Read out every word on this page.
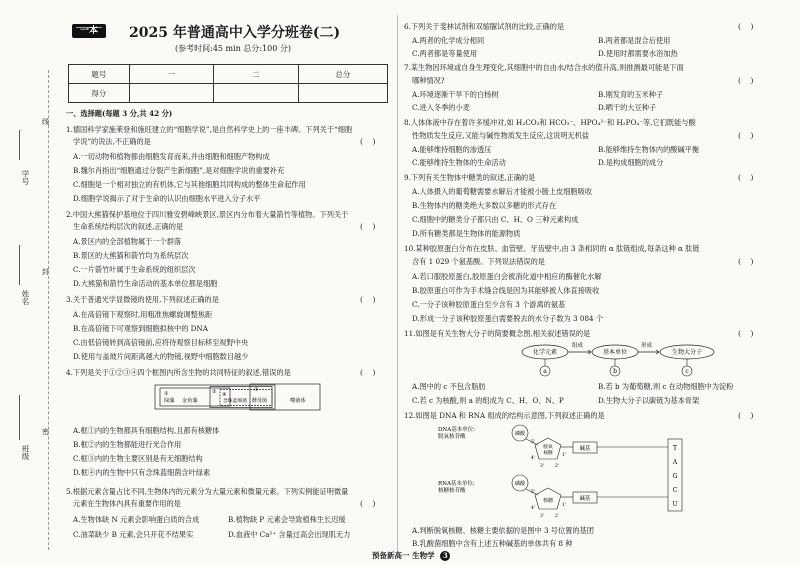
一本	2025 年普通高中入学分班卷(二)
(参考时间:45 min 总分:100 分)
题号	一	二	总分
得分			
学号
姓名
班级
线
封
密
一、选择题(每题 3 分,共 42 分)
1.德国科学家施莱登和施旺建立的“细胞学说”,是自然科学史上的一座丰碑。下列关于“细胞
学说”的说法,不正确的是	(    )
A.一切动物和植物都由细胞发育而来,并由细胞和细胞产物构成
B.魏尔肖指出“细胞通过分裂产生新细胞”,是对细胞学说的重要补充
C.细胞是一个相对独立的有机体,它与其他细胞共同构成的整体生命起作用
D.细胞学说揭示了对于生命的认识由细胞水平进入分子水平
2.中国大熊猫保护基地位于四川雅安碧峰峡景区,景区内分布着大量箭竹等植物。下列关于
生命系统结构层次的叙述,正确的是	(    )
A.景区内的全部植物属于一个群落
B.景区的大熊猫和箭竹均为系统层次
C.一片箭竹叶属于生命系统的组织层次
D.大熊猫和箭竹生命活动的基本单位都是细胞
3.关于普通光学显微镜的使用,下列叙述正确的是	(    )
A.在高倍镜下观察时,用粗准焦螺旋调整焦距
B.在高倍镜下可观察到细胞拟核中的 DNA
C.由低倍镜转到高倍镜前,应将待观察目标移至视野中央
D.使用与盖玻片间距离越大的物镜,视野中细胞数目越少
4.下列是关于①②③④四个框图内所含生物的共同特征的叙述,错误的是	(    )
①	②	③
④
绿藻 金鱼藻	念珠蓝细菌 酵母菌	噬菌体
A.框①内的生物都具有细胞结构,且都有核糖体
B.框②内的生物都能进行光合作用
C.框③内的生物主要区别是有无细胞结构
D.框④内的生物中只有念珠蓝细菌含叶绿素
5.根据元素含量占比不同,生物体内的元素分为大量元素和微量元素。下列实例能证明微量
元素在生物体内具有重要作用的是	(    )
A.生物体缺 N 元素会影响蛋白质的合成	B.植物缺 P 元素会导致植株生长迟缓
C.油菜缺少 B 元素,会只开花不结果实	D.血液中 Ca²⁺ 含量过高会出现肌无力
6.下列关于斐林试剂和双缩脲试剂的比较,正确的是	(    )
A.两者的化学成分相同	B.两者都是混合后使用
C.两者都是等量使用	D.使用时都需要水浴加热
7.某生物因环境或自身生理变化,其细胞中的自由水/结合水的值升高,则推测最可能是下面
哪种情况?	(    )
A.环境逐渐干旱下的白杨树	B.刚发育的玉米种子
C.进入冬季的小麦	D.晒干的大豆种子
8.人体体液中存在着许多缓冲对,如 H₂CO₃和 HCO₃⁻、HPO₄²⁻和 H₂PO₄⁻等,它们既能与酸
性物质发生反应,又能与碱性物质发生反应,这说明无机盐	(    )
A.能够维持细胞的渗透压	B.能够维持生物体内的酸碱平衡
C.能够维持生物体的生命活动	D.是构成细胞的成分
9.下列有关生物体中糖类的叙述,正确的是	(    )
A.人体摄入的葡萄糖需要水解后才能被小肠上皮细胞吸收
B.生物体内的糖类绝大多数以多糖的形式存在
C.细胞中的糖类分子都只由 C、H、O 三种元素构成
D.所有糖类都是生物体的能源物质
10.某种胶原蛋白分布在皮肤、血管壁、牙齿壁中,由 3 条相同的 α 肽链组成,每条这种 α 肽链
含有 1 029 个氨基酸。下列说法错误的是	(    )
A.若口服胶原蛋白,胶原蛋白会被消化道中相应的酶催化水解
B.胶原蛋白可作为手术缝合线是因为其能够被人体直接吸收
C.一分子该种胶原蛋白至少含有 3 个游离的氨基
D.形成一分子该种胶原蛋白需要脱去的水分子数为 3 084 个
11.如图是有关生物大分子的简要概念图,相关叙述错误的是	(    )
化学元素	基本单位	生物大分子
组成	形成
a	b	c
A.图中的 c 不包含脂肪	B.若 b 为葡萄糖,则 c 在动物细胞中为淀粉
C.若 c 为核酸,则 a 的组成为 C、H、O、N、P	D.生物大分子以碳链为基本骨架
12.如图是 DNA 和 RNA 组成的结构示意图,下列叙述正确的是	(    )
DNA基本单位:
脱氧核苷酸
RNA基本单位:
核糖核苷酸
磷酸
脱氧
核糖
碱基
5'
4'
1'
3' 2'
磷酸
核糖	碱基
5'
4'
1'
3' 2'
T
A
G
C
U
A.判断脱氧核糖、核糖主要依据的是图中 3 号位置的基团
B.乳酸菌细胞中含有上述五种碱基的单体共有 8 种
预备新高一 生物学 3
